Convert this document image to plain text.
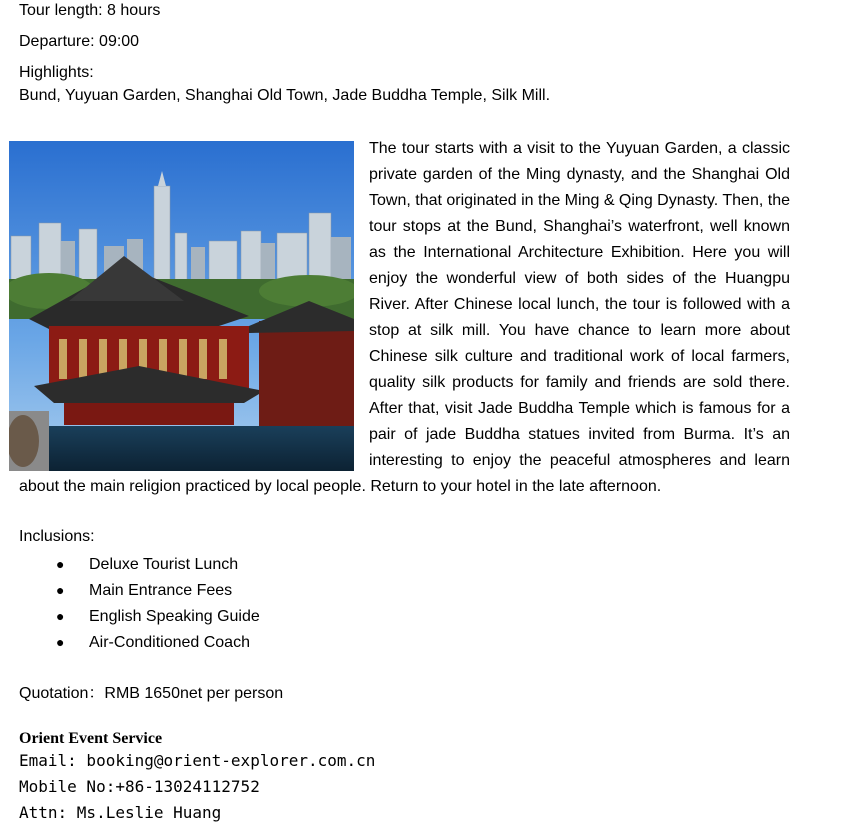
Tour length: 8 hours
Departure: 09:00
Highlights:
Bund, Yuyuan Garden, Shanghai Old Town, Jade Buddha Temple, Silk Mill.

The tour starts with a visit to the Yuyuan Garden, a classic private garden of the Ming dynasty, and the Shanghai Old Town, that originated in the Ming & Qing Dynasty. Then, the tour stops at the Bund, Shanghai’s waterfront, well known as the International Architecture Exhibition. Here you will enjoy the wonderful view of both sides of the Huangpu River. After Chinese local lunch, the tour is followed with a stop at silk mill. You have chance to learn more about Chinese silk culture and traditional work of local farmers, quality silk products for family and friends are sold there. After that, visit Jade Buddha Temple which is famous for a pair of jade Buddha statues invited from Burma. It’s an interesting to enjoy the peaceful atmospheres and learn about the main religion practiced by local people. Return to your hotel in the late afternoon.

Inclusions:
● Deluxe Tourist Lunch
● Main Entrance Fees
● English Speaking Guide
● Air-Conditioned Coach
Quotation：RMB 1650net per person
Orient Event Service
Email: booking@orient-explorer.com.cn
Mobile No:+86-13024112752
Attn: Ms.Leslie Huang
